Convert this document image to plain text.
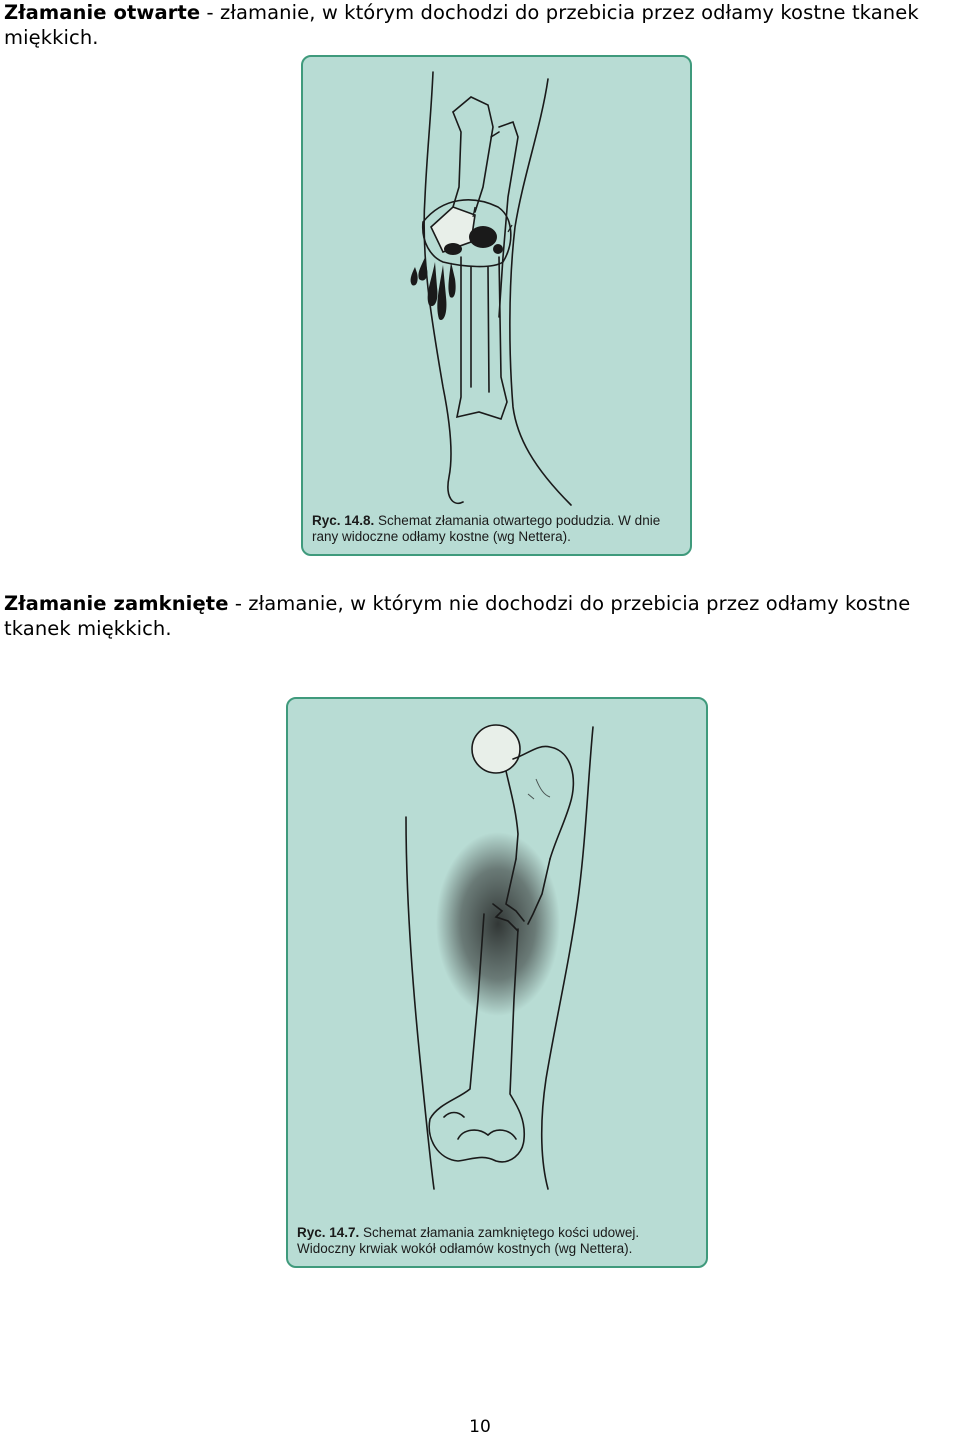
Złamanie otwarte - złamanie, w którym dochodzi do przebicia przez odłamy kostne tkanek miękkich.

Ryc. 14.8. Schemat złamania otwartego podudzia. W dnie rany widoczne odłamy kostne (wg Nettera).

Złamanie zamknięte - złamanie, w którym nie dochodzi do przebicia przez odłamy kostne tkanek miękkich.

Ryc. 14.7. Schemat złamania zamkniętego kości udowej. Widoczny krwiak wokół odłamów kostnych (wg Nettera).
10
